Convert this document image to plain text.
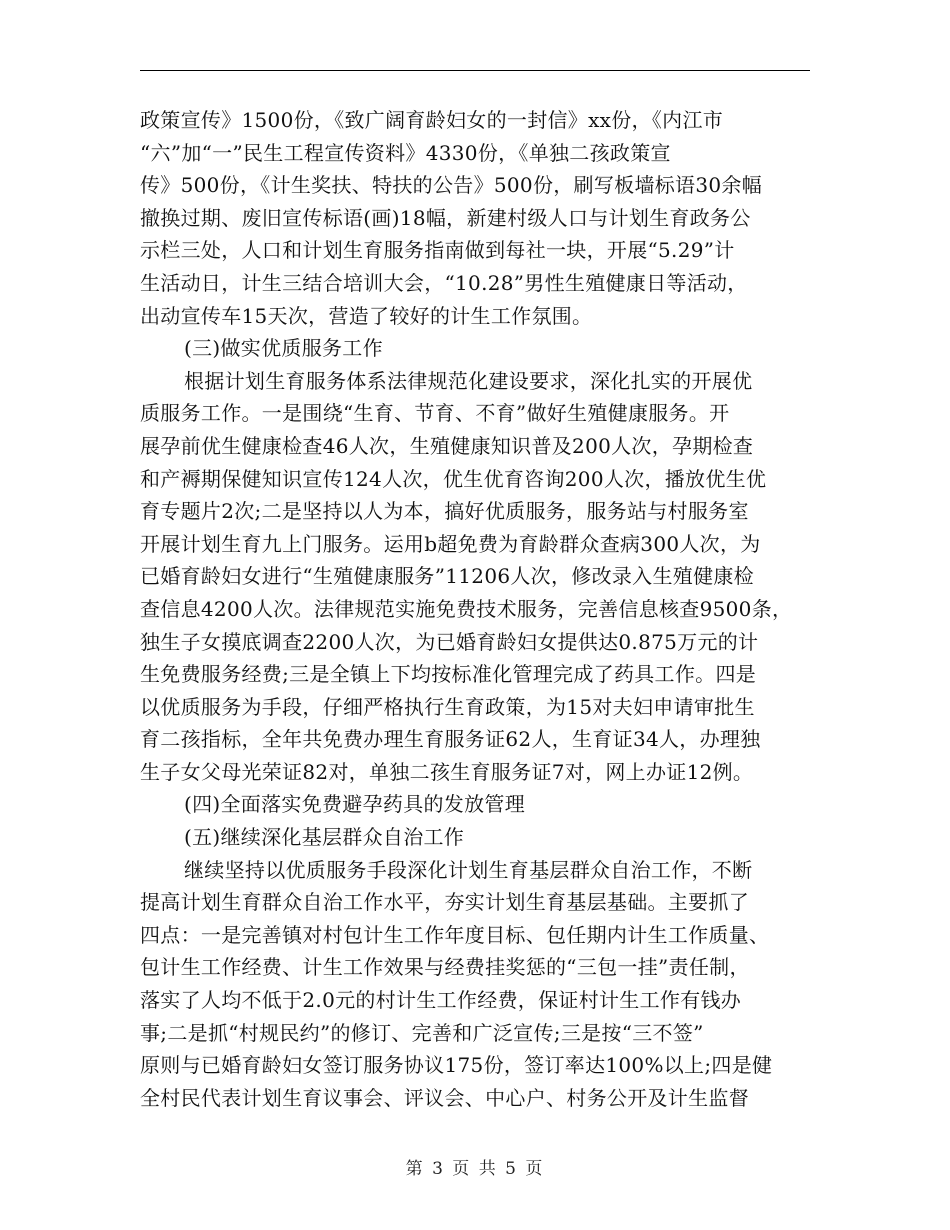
政策宣传》1500份，《致广阔育龄妇女的一封信》xx份，《内江市
“六”加“一”民生工程宣传资料》4330份，《单独二孩政策宣
传》500份，《计生奖扶、特扶的公告》500份，刷写板墙标语30余幅
撤换过期、废旧宣传标语(画)18幅，新建村级人口与计划生育政务公
示栏三处，人口和计划生育服务指南做到每社一块，开展“5.29”计
生活动日，计生三结合培训大会，“10.28”男性生殖健康日等活动，
出动宣传车15天次，营造了较好的计生工作氛围。
(三)做实优质服务工作
根据计划生育服务体系法律规范化建设要求，深化扎实的开展优
质服务工作。一是围绕“生育、节育、不育”做好生殖健康服务。开
展孕前优生健康检查46人次，生殖健康知识普及200人次，孕期检查
和产褥期保健知识宣传124人次，优生优育咨询200人次，播放优生优
育专题片2次;二是坚持以人为本，搞好优质服务，服务站与村服务室
开展计划生育九上门服务。运用b超免费为育龄群众查病300人次，为
已婚育龄妇女进行“生殖健康服务”11206人次，修改录入生殖健康检
查信息4200人次。法律规范实施免费技术服务，完善信息核查9500条，
独生子女摸底调查2200人次，为已婚育龄妇女提供达0.875万元的计
生免费服务经费;三是全镇上下均按标准化管理完成了药具工作。四是
以优质服务为手段，仔细严格执行生育政策，为15对夫妇申请审批生
育二孩指标，全年共免费办理生育服务证62人，生育证34人，办理独
生子女父母光荣证82对，单独二孩生育服务证7对，网上办证12例。
(四)全面落实免费避孕药具的发放管理
(五)继续深化基层群众自治工作
继续坚持以优质服务手段深化计划生育基层群众自治工作，不断
提高计划生育群众自治工作水平，夯实计划生育基层基础。主要抓了
四点：一是完善镇对村包计生工作年度目标、包任期内计生工作质量、
包计生工作经费、计生工作效果与经费挂奖惩的“三包一挂”责任制，
落实了人均不低于2.0元的村计生工作经费，保证村计生工作有钱办
事;二是抓“村规民约”的修订、完善和广泛宣传;三是按“三不签”
原则与已婚育龄妇女签订服务协议175份，签订率达100%以上;四是健
全村民代表计划生育议事会、评议会、中心户、村务公开及计生监督
第 3 页 共 5 页
